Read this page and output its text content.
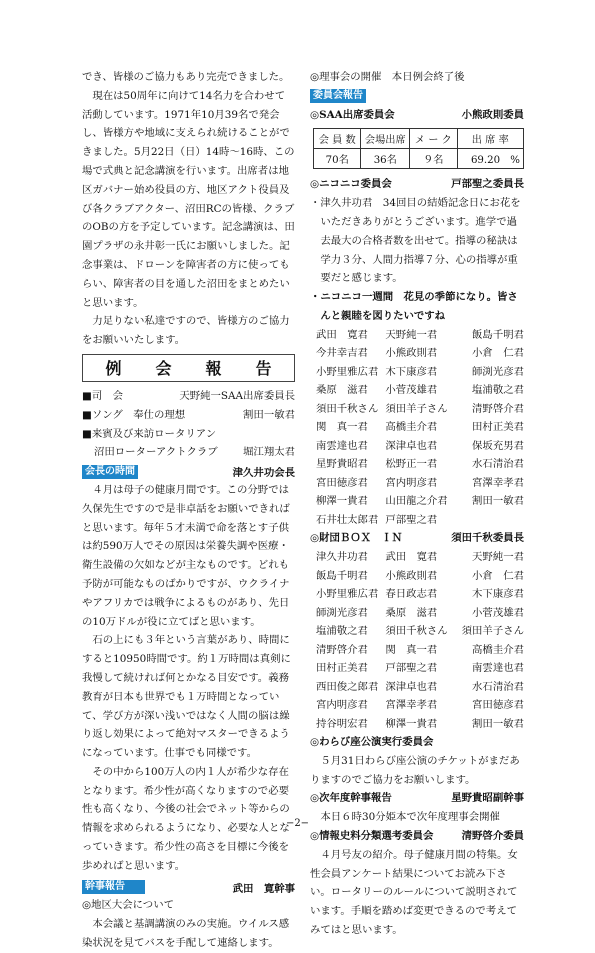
でき、皆様のご協力もあり完売できました。

現在は50周年に向けて14名力を合わせて活動しています。1971年10月39名で発会し、皆様方や地域に支えられ続けることができました。5月22日（日）14時〜16時、この場で式典と記念講演を行います。出席者は地区ガバナー始め役員の方、地区アクト役員及び各クラブアクター、沼田RCの皆様、クラブのOBの方を予定しています。記念講演は、田園プラザの永井彰一氏にお願いしました。記念事業は、ドローンを障害者の方に使ってもらい、障害者の目を通した沼田をまとめたいと思います。

力足りない私達ですので、皆様方のご協力をお願いいたします。

例　会　報　告
■司　会	天野純一SAA出席委員長
■ソング　奉仕の理想	割田一敏君
■来賓及び来訪ロータリアン
沼田ローターアクトクラブ 堀江翔太君
会長の時間	津久井功会長

４月は母子の健康月間です。この分野では久保先生ですので是非卓話をお願いできればと思います。毎年５才未満で命を落とす子供は約590万人でその原因は栄養失調や医療・衛生設備の欠如などが主なものです。どれも予防が可能なものばかりですが、ウクライナやアフリカでは戦争によるものがあり、先日の10万ドルが役に立てばと思います。

石の上にも３年という言葉があり、時間にすると10950時間です。約１万時間は真剣に我慢して続ければ何とかなる目安です。義務教育が日本も世界でも１万時間となっていて、学び方が深い浅いではなく人間の脳は繰り返し効果によって絶対マスターできるようになっています。仕事でも同様です。

その中から100万人の内１人が希少な存在となります。希少性が高くなりますので必要性も高くなり、今後の社会でネット等からの情報を求められるようになり、必要な人となっていきます。希少性の高さを目標に今後を歩めればと思います。

幹事報告	武田　寛幹事

◎地区大会について

本会議と基調講演のみの実施。ウイルス感染状況を見てバスを手配して連絡します。

◎理事会の開催　本日例会終了後

委員会報告
◎SAA出席委員会	小熊政則委員
会 員 数	会場出席	メ ー ク	出 席 率
70名	36名	９名	69.20　%
◎ニコニコ委員会	戸部聖之委員長

・津久井功君　34回目の結婚記念日にお花をいただきありがとうございます。進学で過去最大の合格者数を出せて。指導の秘訣は学力３分、人間力指導７分、心の指導が重要だと感じます。

・ニコニコ一週間　花見の季節になり。皆さんと親睦を図りたいですね

武田　寛君	天野純一君	飯島千明君
今井幸吉君	小熊政則君	小倉　仁君
小野里雅広君 木下康彦君	師渕光彦君
桑原　滋君	小菅茂雄君	塩浦敬之君
須田千秋さん 須田羊子さん	清野啓介君
関　真一君	高橋圭介君	田村正美君
南雲達也君	深津卓也君	保坂充男君
星野貴昭君	松野正一君	水石清治君
宮田徳彦君	宮内明彦君	宮澤幸孝君
柳澤一貴君	山田龍之介君	割田一敏君
石井壮太郎君 戸部聖之君
◎財団ＢＯＸ　ＩＮ	須田千秋委員長
津久井功君	武田　寛君	天野純一君
飯島千明君	小熊政則君	小倉　仁君
小野里雅広君 春日政志君	木下康彦君
師渕光彦君	桑原　滋君	小菅茂雄君
塩浦敬之君	須田千秋さん	須田羊子さん
清野啓介君	関　真一君	高橋圭介君
田村正美君	戸部聖之君	南雲達也君
西田俊之郎君 深津卓也君	水石清治君
宮内明彦君	宮澤幸孝君	宮田徳彦君
持谷明宏君	柳澤一貴君	割田一敏君

◎わらび座公演実行委員会

５月31日わらび座公演のチケットがまだありますのでご協力をお願いします。

◎次年度幹事報告	星野貴昭副幹事

本日６時30分姫本で次年度理事会開催

◎情報史料分類選考委員会	清野啓介委員

４月号友の紹介。母子健康月間の特集。女性会員アンケート結果についてお読み下さい。ロータリーのルールについて説明されています。手順を踏めば変更できるので考えてみてはと思います。

−2−
